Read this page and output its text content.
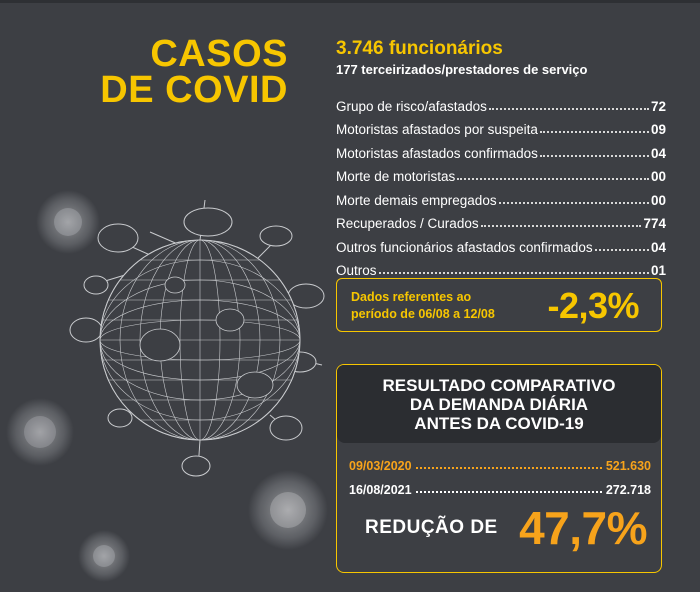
CASOS
DE COVID
3.746 funcionários
177 terceirizados/prestadores de serviço
Grupo de risco/afastados	72
Motoristas afastados por suspeita	09
Motoristas afastados confirmados	04
Morte de motoristas	00
Morte demais empregados	00
Recuperados / Curados	774
Outros funcionários afastados confirmados	04
Outros	01
Dados referentes ao
período de 06/08 a 12/08 -2,3%
RESULTADO COMPARATIVO
DA DEMANDA DIÁRIA
ANTES DA COVID-19
09/03/2020	521.630
16/08/2021	272.718
REDUÇÃO DE 47,7%
